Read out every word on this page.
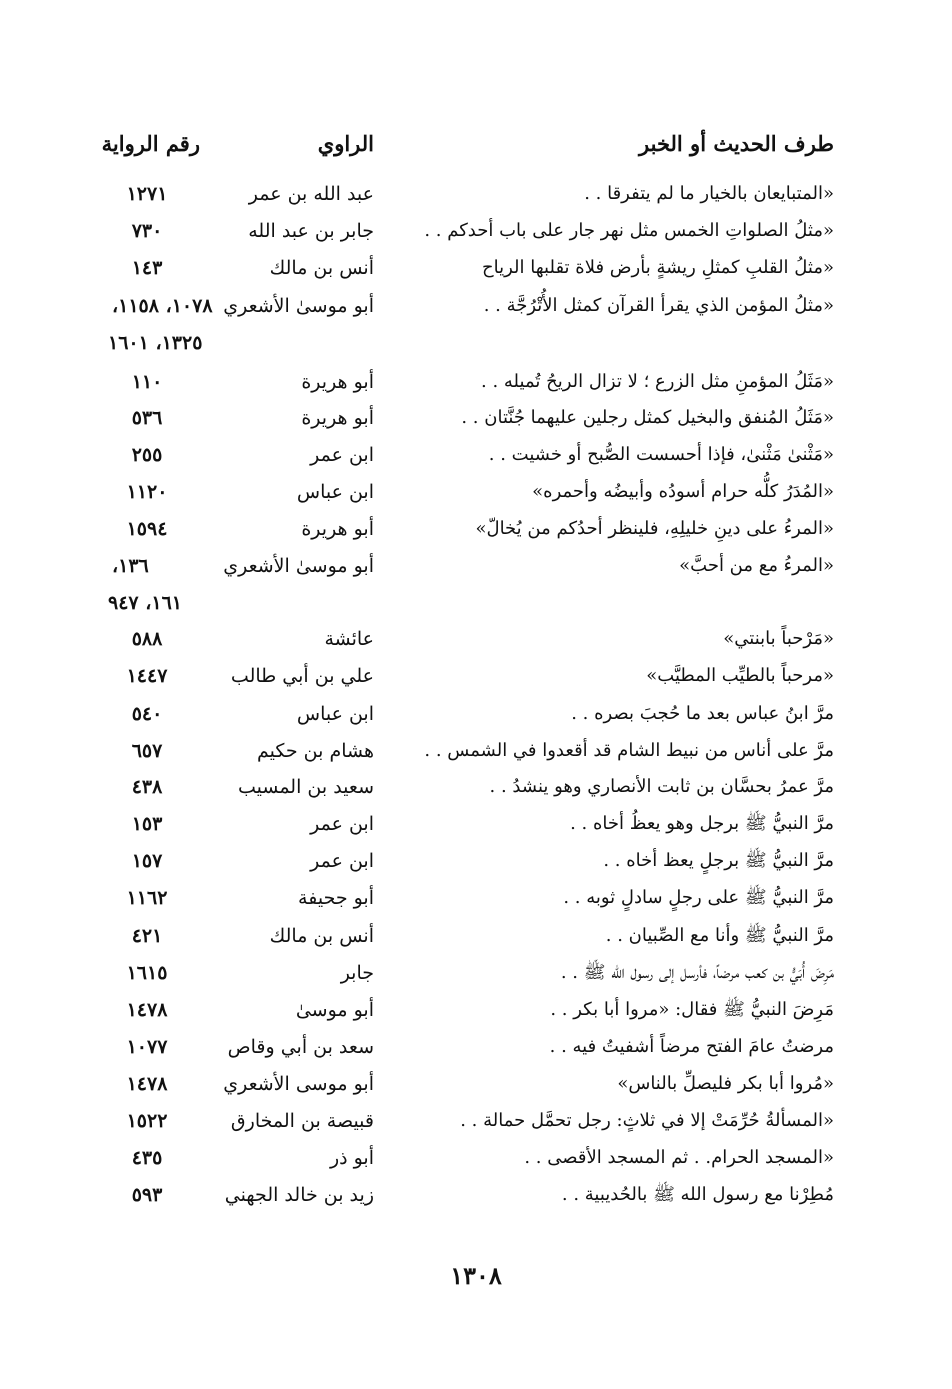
طرف الحديث أو الخبر
الراوي
رقم الرواية
«المتبايعان بالخيار ما لم يتفرقا . .
عبد الله بن عمر
١٢٧١
«مثلُ الصلواتِ الخمس مثل نهر جار على باب أحدكم . .
جابر بن عبد الله
٧٣٠
«مثلُ القلبِ كمثلِ ريشةٍ بأرض فلاة تقلبها الرياح
أنس بن مالك
١٤٣
«مثلُ المؤمن الذي يقرأ القرآن كمثل الأُتْرُجَّة . .
أبو موسىٰ الأشعري
١٠٧٨، ١١٥٨،
١٣٢٥، ١٦٠١
«مَثَلُ المؤمنِ مثل الزرع ؛ لا تزال الريحُ تُميله . .
أبو هريرة
١١٠
«مَثَلُ المُنفق والبخيل كمثل رجلين عليهما جُنَّتان . .
أبو هريرة
٥٣٦
«مَثْنىٰ مَثْنىٰ، فإذا أحسست الصُّبح أو خشيت . .
ابن عمر
٢٥٥
«المُدَرُ كلُّه حرام أسودُه وأبيضُه وأحمره»
ابن عباس
١١٢٠
«المرءُ على دينِ خليلِهِ، فلينظر أحدُكم من يُخالّ»
أبو هريرة
١٥٩٤
«المرءُ مع من أحبَّ»
أبو موسىٰ الأشعري
١٣٦،
١٦١، ٩٤٧
«مَرْحباً بابنتي»
عائشة
٥٨٨
«مرحباً بالطيِّب المطيَّب»
علي بن أبي طالب
١٤٤٧
مرَّ ابنُ عباس بعد ما حُجبَ بصره . .
ابن عباس
٥٤٠
مرَّ على أناس من نبيط الشام قد أقعدوا في الشمس . .
هشام بن حكيم
٦٥٧
مرَّ عمرُ بحسَّان بن ثابت الأنصاري وهو ينشدُ . .
سعيد بن المسيب
٤٣٨
مرَّ النبيُّ ﷺ برجل وهو يعظُ أخاه . .
ابن عمر
١٥٣
مرَّ النبيُّ ﷺ برجلٍ يعظ أخاه . .
ابن عمر
١٥٧
مرَّ النبيُّ ﷺ على رجلٍ سادلٍ ثوبه . .
أبو جحيفة
١١٦٢
مرَّ النبيُّ ﷺ وأنا مع الصِّبيان . .
أنس بن مالك
٤٢١
مَرِضَ أُبَيُّ بن كعب مرضاً، فأرسل إلى رسول الله ﷺ . .
جابر
١٦١٥
مَرِضَ النبيُّ ﷺ فقال: «مروا أبا بكر . .
أبو موسىٰ
١٤٧٨
مرضتُ عامَ الفتح مرضاً أشفيتُ فيه . .
سعد بن أبي وقاص
١٠٧٧
«مُروا أبا بكر فليصلِّ بالناس»
أبو موسى الأشعري
١٤٧٨
«المسألةُ حُرِّمَتْ إلا في ثلاثٍ: رجل تحمَّل حمالة . .
قبيصة بن المخارق
١٥٢٢
«المسجد الحرام. . ثم المسجد الأقصى . .
أبو ذر
٤٣٥
مُطِرْنا مع رسول الله ﷺ بالحُديبية . .
زيد بن خالد الجهني
٥٩٣
١٣٠٨
